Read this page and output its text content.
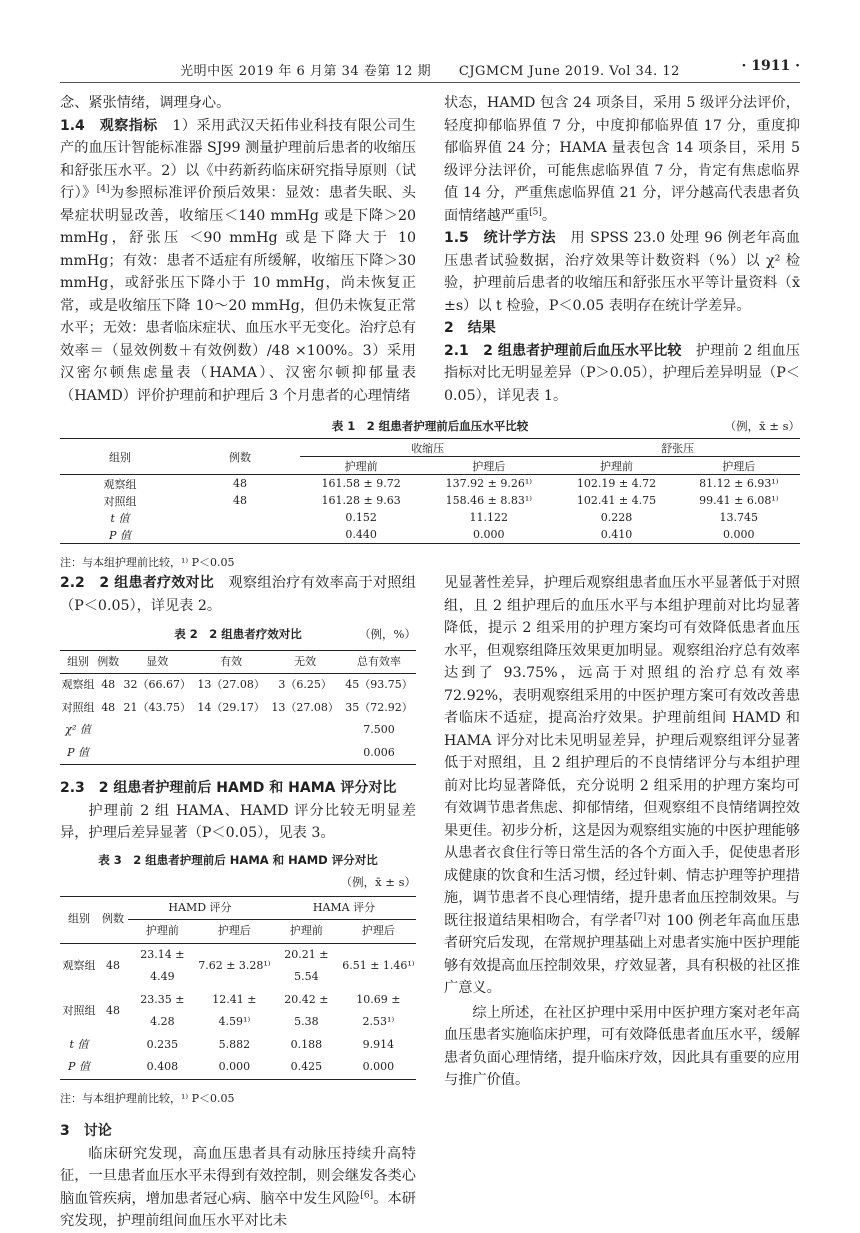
光明中医 2019 年 6 月第 34 卷第 12 期 CJGMCM June 2019. Vol 34. 12	· 1911 ·

念、紧张情绪，调理身心。

1.4　观察指标　1）采用武汉天拓伟业科技有限公司生产的血压计智能标准器 SJ99 测量护理前后患者的收缩压和舒张压水平。2）以《中药新药临床研究指导原则（试行）》[4]为参照标准评价预后效果：显效：患者失眠、头晕症状明显改善，收缩压＜140 mmHg 或是下降＞20 mmHg，舒张压 ＜90 mmHg 或是下降大于 10 mmHg；有效：患者不适症有所缓解，收缩压下降＞30 mmHg，或舒张压下降小于 10 mmHg，尚未恢复正常，或是收缩压下降 10～20 mmHg，但仍未恢复正常水平；无效：患者临床症状、血压水平无变化。治疗总有效率＝（显效例数＋有效例数）/48 ×100%。3）采用汉密尔顿焦虑量表（HAMA）、汉密尔顿抑郁量表（HAMD）评价护理前和护理后 3 个月患者的心理情绪

状态，HAMD 包含 24 项条目，采用 5 级评分法评价，轻度抑郁临界值 7 分，中度抑郁临界值 17 分，重度抑郁临界值 24 分；HAMA 量表包含 14 项条目，采用 5 级评分法评价，可能焦虑临界值 7 分，肯定有焦虑临界值 14 分，严重焦虑临界值 21 分，评分越高代表患者负面情绪越严重[5]。

1.5　统计学方法　用 SPSS 23.0 处理 96 例老年高血压患者试验数据，治疗效果等计数资料（%）以 χ² 检验，护理前后患者的收缩压和舒张压水平等计量资料（x̄ ±s）以 t 检验，P＜0.05 表明存在统计学差异。

2　结果

2.1　2 组患者护理前后血压水平比较　护理前 2 组血压指标对比无明显差异（P＞0.05），护理后差异明显（P＜0.05），详见表 1。

表 1　2 组患者护理前后血压水平比较	（例，x̄ ± s）
组别	例数	收缩压		舒张压	
		护理前	护理后	护理前	护理后
观察组	48	161.58 ± 9.72	137.92 ± 9.26¹⁾	102.19 ± 4.72	81.12 ± 6.93¹⁾
对照组	48	161.28 ± 9.63	158.46 ± 8.83¹⁾	102.41 ± 4.75	99.41 ± 6.08¹⁾
t 值		0.152	11.122	0.228	13.745
P 值		0.440	0.000	0.410	0.000
注：与本组护理前比较，¹⁾ P＜0.05

2.2　2 组患者疗效对比　观察组治疗有效率高于对照组（P＜0.05），详见表 2。

表 2　2 组患者疗效对比	（例，%）
组别	例数	显效	有效	无效	总有效率
观察组	48	32（66.67）	13（27.08）	3（6.25）	45（93.75）
对照组	48	21（43.75）	14（29.17）	13（27.08）	35（72.92）
χ² 值					7.500
P 值					0.006

2.3　2 组患者护理前后 HAMD 和 HAMA 评分对比

护理前 2 组 HAMA、HAMD 评分比较无明显差异，护理后差异显著（P＜0.05），见表 3。

表 3　2 组患者护理前后 HAMA 和 HAMD 评分对比
（例，x̄ ± s）
组别	例数	HAMD 评分		HAMA 评分	
		护理前	护理后	护理前	护理后
观察组	48	23.14 ± 4.49	7.62 ± 3.28¹⁾	20.21 ± 5.54	6.51 ± 1.46¹⁾
对照组	48	23.35 ± 4.28	12.41 ± 4.59¹⁾	20.42 ± 5.38	10.69 ± 2.53¹⁾
t 值		0.235	5.882	0.188	9.914
P 值		0.408	0.000	0.425	0.000
注：与本组护理前比较，¹⁾ P＜0.05

3　讨论

临床研究发现，高血压患者具有动脉压持续升高特征，一旦患者血压水平未得到有效控制，则会继发各类心脑血管疾病，增加患者冠心病、脑卒中发生风险[6]。本研究发现，护理前组间血压水平对比未

见显著性差异，护理后观察组患者血压水平显著低于对照组，且 2 组护理后的血压水平与本组护理前对比均显著降低，提示 2 组采用的护理方案均可有效降低患者血压水平，但观察组降压效果更加明显。观察组治疗总有效率达到了 93.75%，远高于对照组的治疗总有效率 72.92%，表明观察组采用的中医护理方案可有效改善患者临床不适症，提高治疗效果。护理前组间 HAMD 和 HAMA 评分对比未见明显差异，护理后观察组评分显著低于对照组，且 2 组护理后的不良情绪评分与本组护理前对比均显著降低，充分说明 2 组采用的护理方案均可有效调节患者焦虑、抑郁情绪，但观察组不良情绪调控效果更佳。初步分析，这是因为观察组实施的中医护理能够从患者衣食住行等日常生活的各个方面入手，促使患者形成健康的饮食和生活习惯，经过针刺、情志护理等护理措施，调节患者不良心理情绪，提升患者血压控制效果。与既往报道结果相吻合，有学者[7]对 100 例老年高血压患者研究后发现，在常规护理基础上对患者实施中医护理能够有效提高血压控制效果，疗效显著，具有积极的社区推广意义。

综上所述，在社区护理中采用中医护理方案对老年高血压患者实施临床护理，可有效降低患者血压水平，缓解患者负面心理情绪，提升临床疗效，因此具有重要的应用与推广价值。
